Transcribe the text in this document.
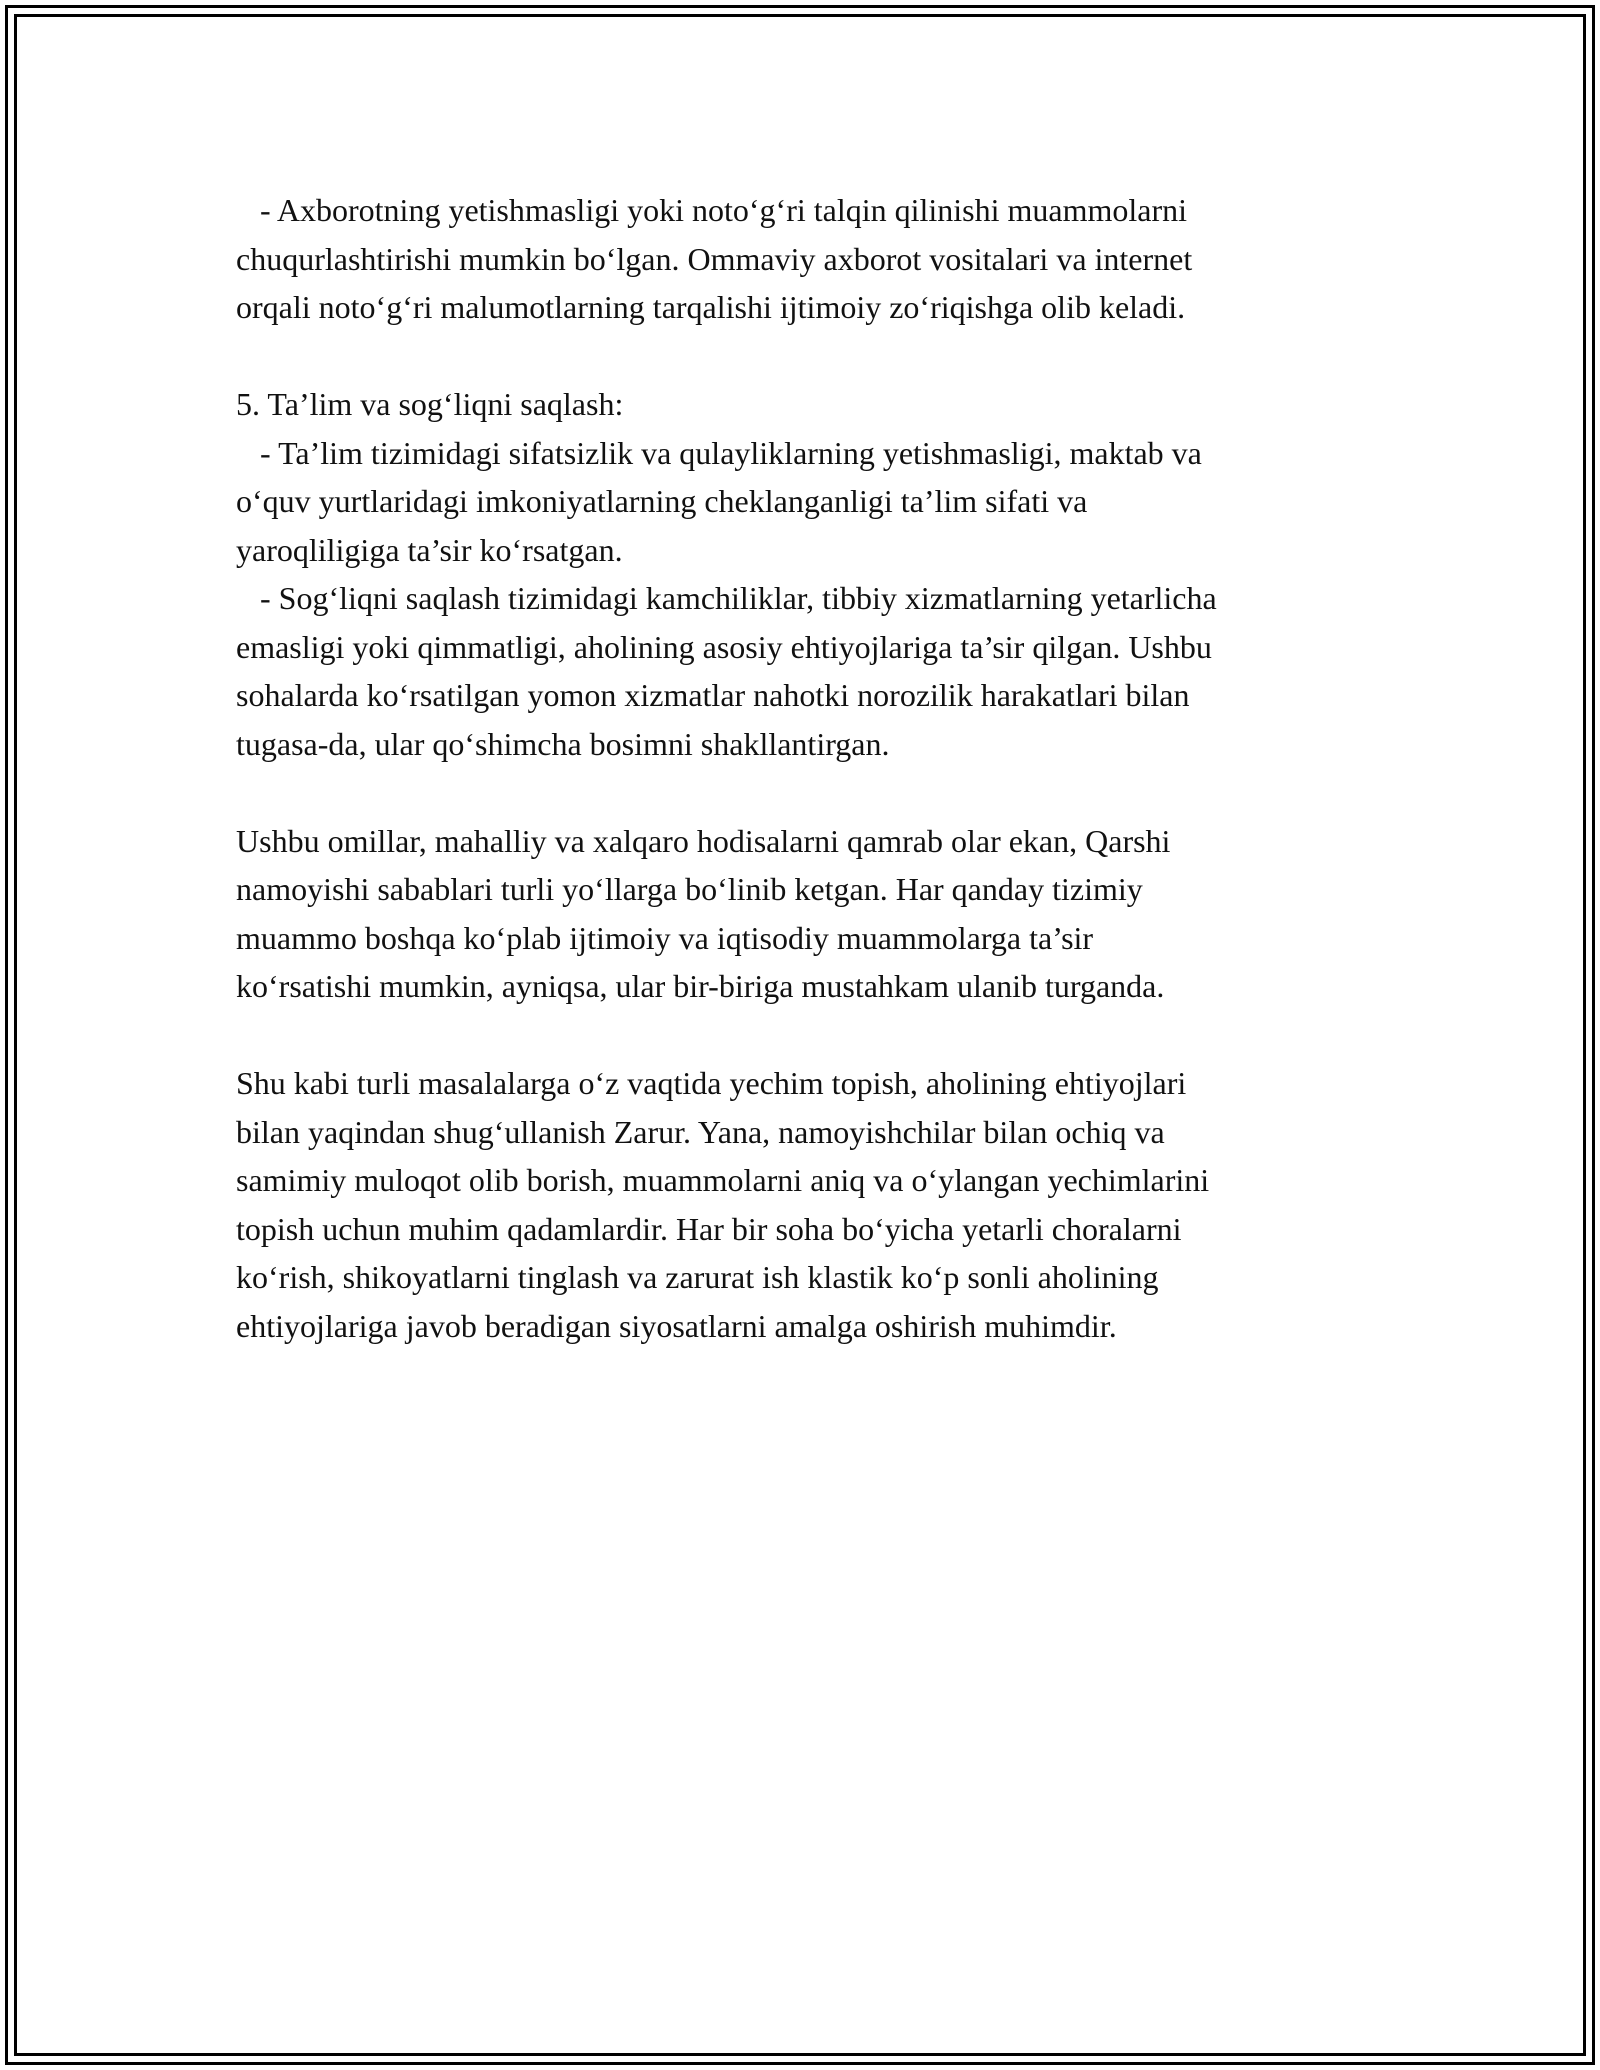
- Axborotning yetishmasligi yoki noto‘g‘ri talqin qilinishi muammolarni
chuqurlashtirishi mumkin bo‘lgan. Ommaviy axborot vositalari va internet
orqali noto‘g‘ri malumotlarning tarqalishi ijtimoiy zo‘riqishga olib keladi.
5. Ta’lim va sog‘liqni saqlash:
- Ta’lim tizimidagi sifatsizlik va qulayliklarning yetishmasligi, maktab va
o‘quv yurtlaridagi imkoniyatlarning cheklanganligi ta’lim sifati va
yaroqliligiga ta’sir ko‘rsatgan.
- Sog‘liqni saqlash tizimidagi kamchiliklar, tibbiy xizmatlarning yetarlicha
emasligi yoki qimmatligi, aholining asosiy ehtiyojlariga ta’sir qilgan. Ushbu
sohalarda ko‘rsatilgan yomon xizmatlar nahotki norozilik harakatlari bilan
tugasa-da, ular qo‘shimcha bosimni shakllantirgan.
Ushbu omillar, mahalliy va xalqaro hodisalarni qamrab olar ekan, Qarshi
namoyishi sabablari turli yo‘llarga bo‘linib ketgan. Har qanday tizimiy
muammo boshqa ko‘plab ijtimoiy va iqtisodiy muammolarga ta’sir
ko‘rsatishi mumkin, ayniqsa, ular bir-biriga mustahkam ulanib turganda.
Shu kabi turli masalalarga o‘z vaqtida yechim topish, aholining ehtiyojlari
bilan yaqindan shug‘ullanish Zarur. Yana, namoyishchilar bilan ochiq va
samimiy muloqot olib borish, muammolarni aniq va o‘ylangan yechimlarini
topish uchun muhim qadamlardir. Har bir soha bo‘yicha yetarli choralarni
ko‘rish, shikoyatlarni tinglash va zarurat ish klastik ko‘p sonli aholining
ehtiyojlariga javob beradigan siyosatlarni amalga oshirish muhimdir.
